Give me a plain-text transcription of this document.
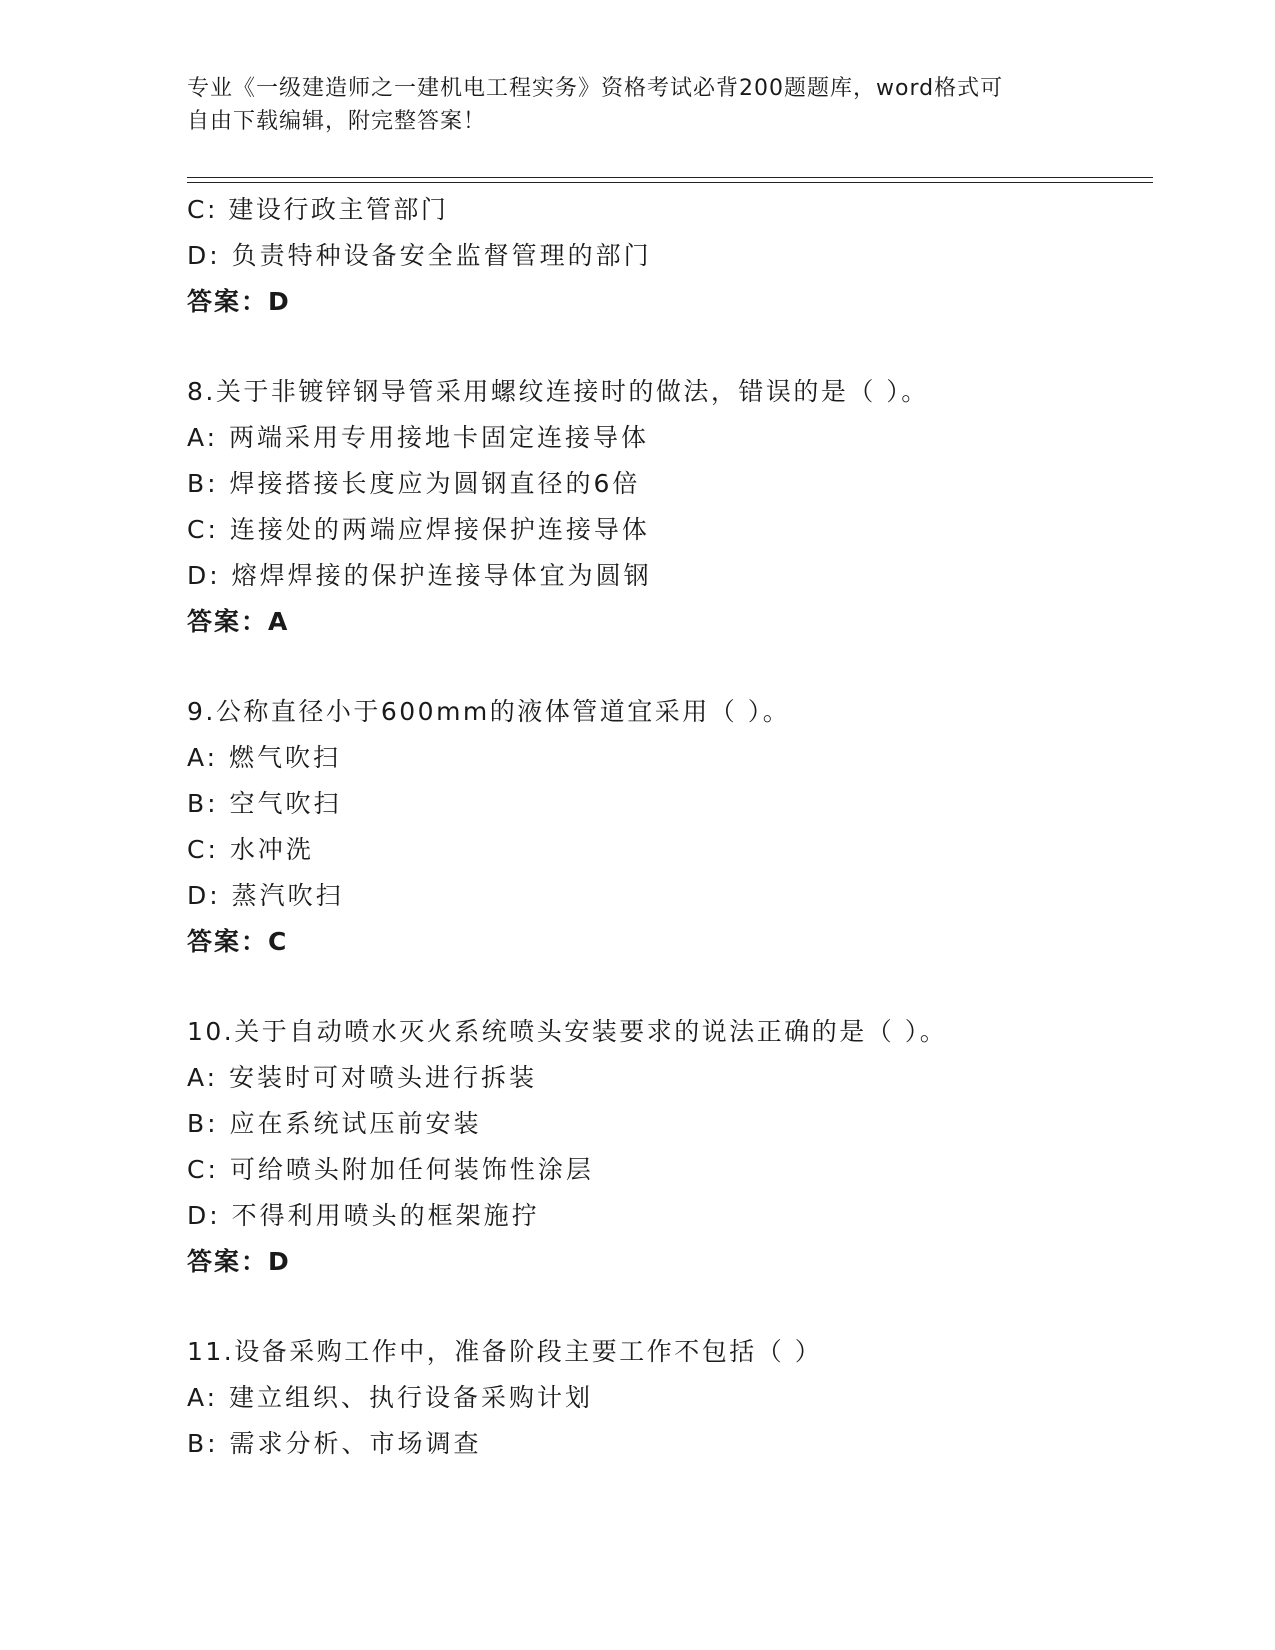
专业《一级建造师之一建机电工程实务》资格考试必背200题题库，word格式可
自由下载编辑，附完整答案！
C: 建设行政主管部门
D: 负责特种设备安全监督管理的部门
答案：D
8.关于非镀锌钢导管采用螺纹连接时的做法，错误的是（ ）。
A: 两端采用专用接地卡固定连接导体
B: 焊接搭接长度应为圆钢直径的6倍
C: 连接处的两端应焊接保护连接导体
D: 熔焊焊接的保护连接导体宜为圆钢
答案：A
9.公称直径小于600mm的液体管道宜采用（ ）。
A: 燃气吹扫
B: 空气吹扫
C: 水冲洗
D: 蒸汽吹扫
答案：C
10.关于自动喷水灭火系统喷头安装要求的说法正确的是（ ）。
A: 安装时可对喷头进行拆装
B: 应在系统试压前安装
C: 可给喷头附加任何装饰性涂层
D: 不得利用喷头的框架施拧
答案：D
11.设备采购工作中，准备阶段主要工作不包括（ ）
A: 建立组织、执行设备采购计划
B: 需求分析、市场调查
